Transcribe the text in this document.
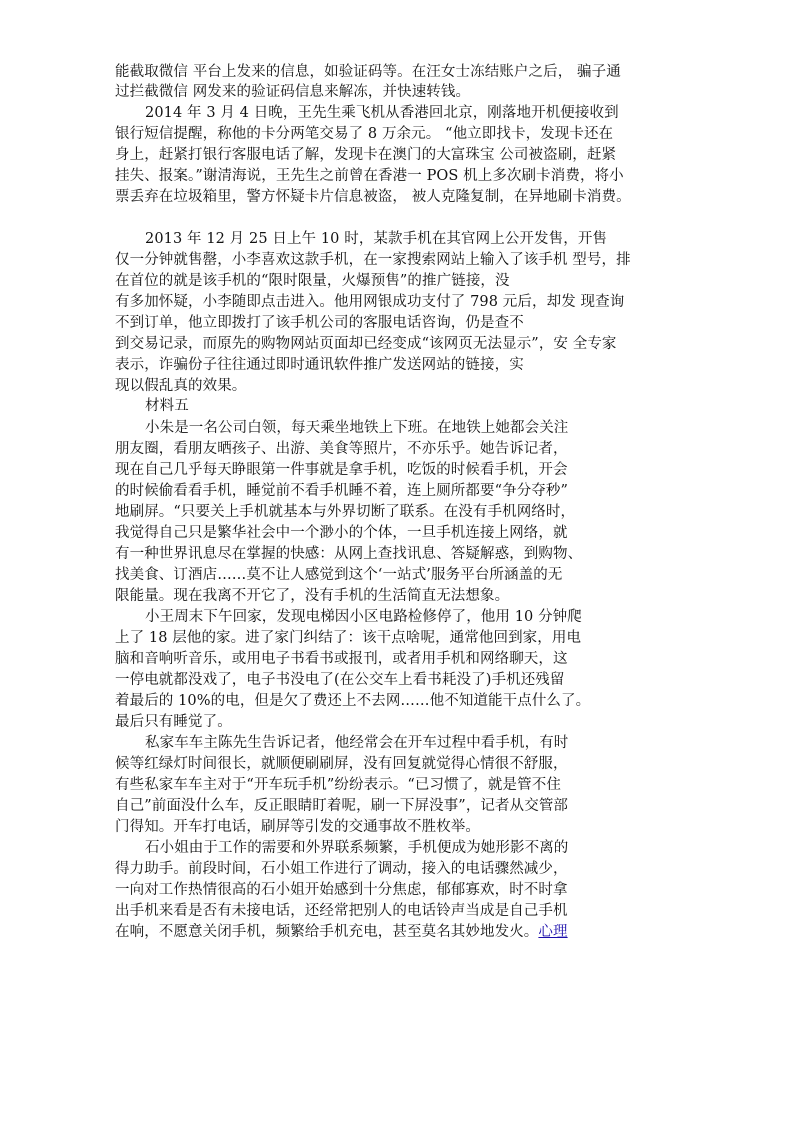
能截取微信 平台上发来的信息，如验证码等。在汪女士冻结账户之后， 骗子通
过拦截微信 网发来的验证码信息来解冻，并快速转钱。
2014 年 3 月 4 日晚，王先生乘飞机从香港回北京，刚落地开机便接收到
银行短信提醒，称他的卡分两笔交易了 8 万余元。 “他立即找卡，发现卡还在
身上，赶紧打银行客服电话了解，发现卡在澳门的大富珠宝 公司被盗刷，赶紧
挂失、报案。”谢清海说，王先生之前曾在香港一 POS 机上多次刷卡消费，将小
票丢弃在垃圾箱里，警方怀疑卡片信息被盗， 被人克隆复制，在异地刷卡消费。
2013 年 12 月 25 日上午 10 时，某款手机在其官网上公开发售，开售
仅一分钟就售罄，小李喜欢这款手机，在一家搜索网站上输入了该手机 型号，排
在首位的就是该手机的“限时限量，火爆预售”的推广链接，没
有多加怀疑，小李随即点击进入。他用网银成功支付了 798 元后，却发 现查询
不到订单，他立即拨打了该手机公司的客服电话咨询，仍是查不
到交易记录，而原先的购物网站页面却已经变成“该网页无法显示”，安 全专家
表示，诈骗份子往往通过即时通讯软件推广发送网站的链接，实
现以假乱真的效果。
材料五
小朱是一名公司白领，每天乘坐地铁上下班。在地铁上她都会关注
朋友圈，看朋友晒孩子、出游、美食等照片，不亦乐乎。她告诉记者，
现在自己几乎每天睁眼第一件事就是拿手机，吃饭的时候看手机，开会
的时候偷看看手机，睡觉前不看手机睡不着，连上厕所都要“争分夺秒”
地刷屏。“只要关上手机就基本与外界切断了联系。在没有手机网络时，
我觉得自己只是繁华社会中一个渺小的个体，一旦手机连接上网络，就
有一种世界讯息尽在掌握的快感：从网上查找讯息、答疑解惑，到购物、
找美食、订酒店……莫不让人感觉到这个‘一站式’服务平台所涵盖的无
限能量。现在我离不开它了，没有手机的生活简直无法想象。
小王周末下午回家，发现电梯因小区电路检修停了，他用 10 分钟爬
上了 18 层他的家。进了家门纠结了：该干点啥呢，通常他回到家，用电
脑和音响听音乐，或用电子书看书或报刊，或者用手机和网络聊天，这
一停电就都没戏了，电子书没电了(在公交车上看书耗没了)手机还残留
着最后的 10%的电，但是欠了费还上不去网……他不知道能干点什么了。
最后只有睡觉了。
私家车车主陈先生告诉记者，他经常会在开车过程中看手机，有时
候等红绿灯时间很长，就顺便刷刷屏，没有回复就觉得心情很不舒服，
有些私家车车主对于“开车玩手机”纷纷表示。“已习惯了，就是管不住
自己”前面没什么车，反正眼睛盯着呢，刷一下屏没事”，记者从交管部
门得知。开车打电话，刷屏等引发的交通事故不胜枚举。
石小姐由于工作的需要和外界联系频繁，手机便成为她形影不离的
得力助手。前段时间，石小姐工作进行了调动，接入的电话骤然减少，
一向对工作热情很高的石小姐开始感到十分焦虑，郁郁寡欢，时不时拿
出手机来看是否有未接电话，还经常把别人的电话铃声当成是自己手机
在响，不愿意关闭手机，频繁给手机充电，甚至莫名其妙地发火。心理
